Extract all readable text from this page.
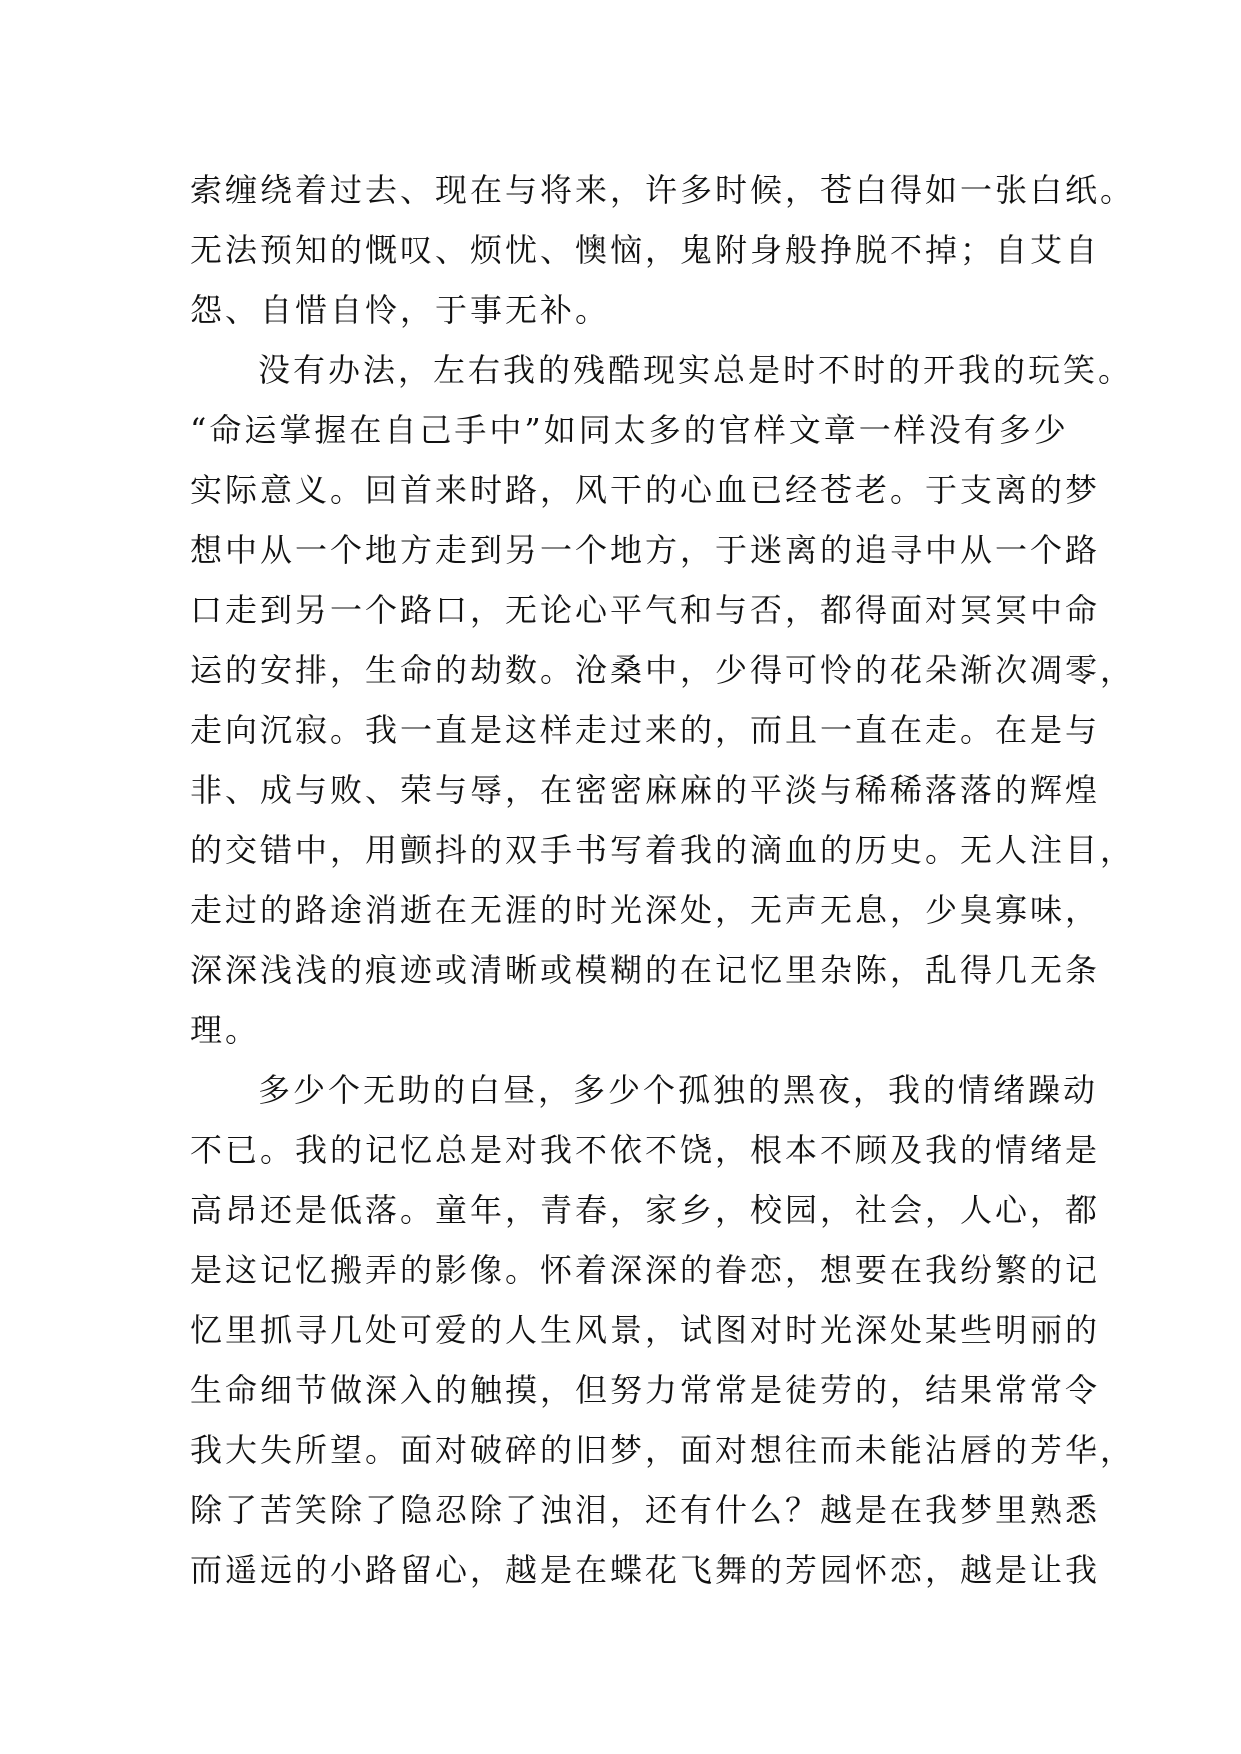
索缠绕着过去、现在与将来，许多时候，苍白得如一张白纸。
无法预知的慨叹、烦忧、懊恼，鬼附身般挣脱不掉；自艾自
怨、自惜自怜，于事无补。
没有办法，左右我的残酷现实总是时不时的开我的玩笑。
“命运掌握在自己手中”如同太多的官样文章一样没有多少
实际意义。回首来时路，风干的心血已经苍老。于支离的梦
想中从一个地方走到另一个地方，于迷离的追寻中从一个路
口走到另一个路口，无论心平气和与否，都得面对冥冥中命
运的安排，生命的劫数。沧桑中，少得可怜的花朵渐次凋零，
走向沉寂。我一直是这样走过来的，而且一直在走。在是与
非、成与败、荣与辱，在密密麻麻的平淡与稀稀落落的辉煌
的交错中，用颤抖的双手书写着我的滴血的历史。无人注目，
走过的路途消逝在无涯的时光深处，无声无息，少臭寡味，
深深浅浅的痕迹或清晰或模糊的在记忆里杂陈，乱得几无条
理。
多少个无助的白昼，多少个孤独的黑夜，我的情绪躁动
不已。我的记忆总是对我不依不饶，根本不顾及我的情绪是
高昂还是低落。童年，青春，家乡，校园，社会，人心，都
是这记忆搬弄的影像。怀着深深的眷恋，想要在我纷繁的记
忆里抓寻几处可爱的人生风景，试图对时光深处某些明丽的
生命细节做深入的触摸，但努力常常是徒劳的，结果常常令
我大失所望。面对破碎的旧梦，面对想往而未能沾唇的芳华，
除了苦笑除了隐忍除了浊泪，还有什么？越是在我梦里熟悉
而遥远的小路留心，越是在蝶花飞舞的芳园怀恋，越是让我
